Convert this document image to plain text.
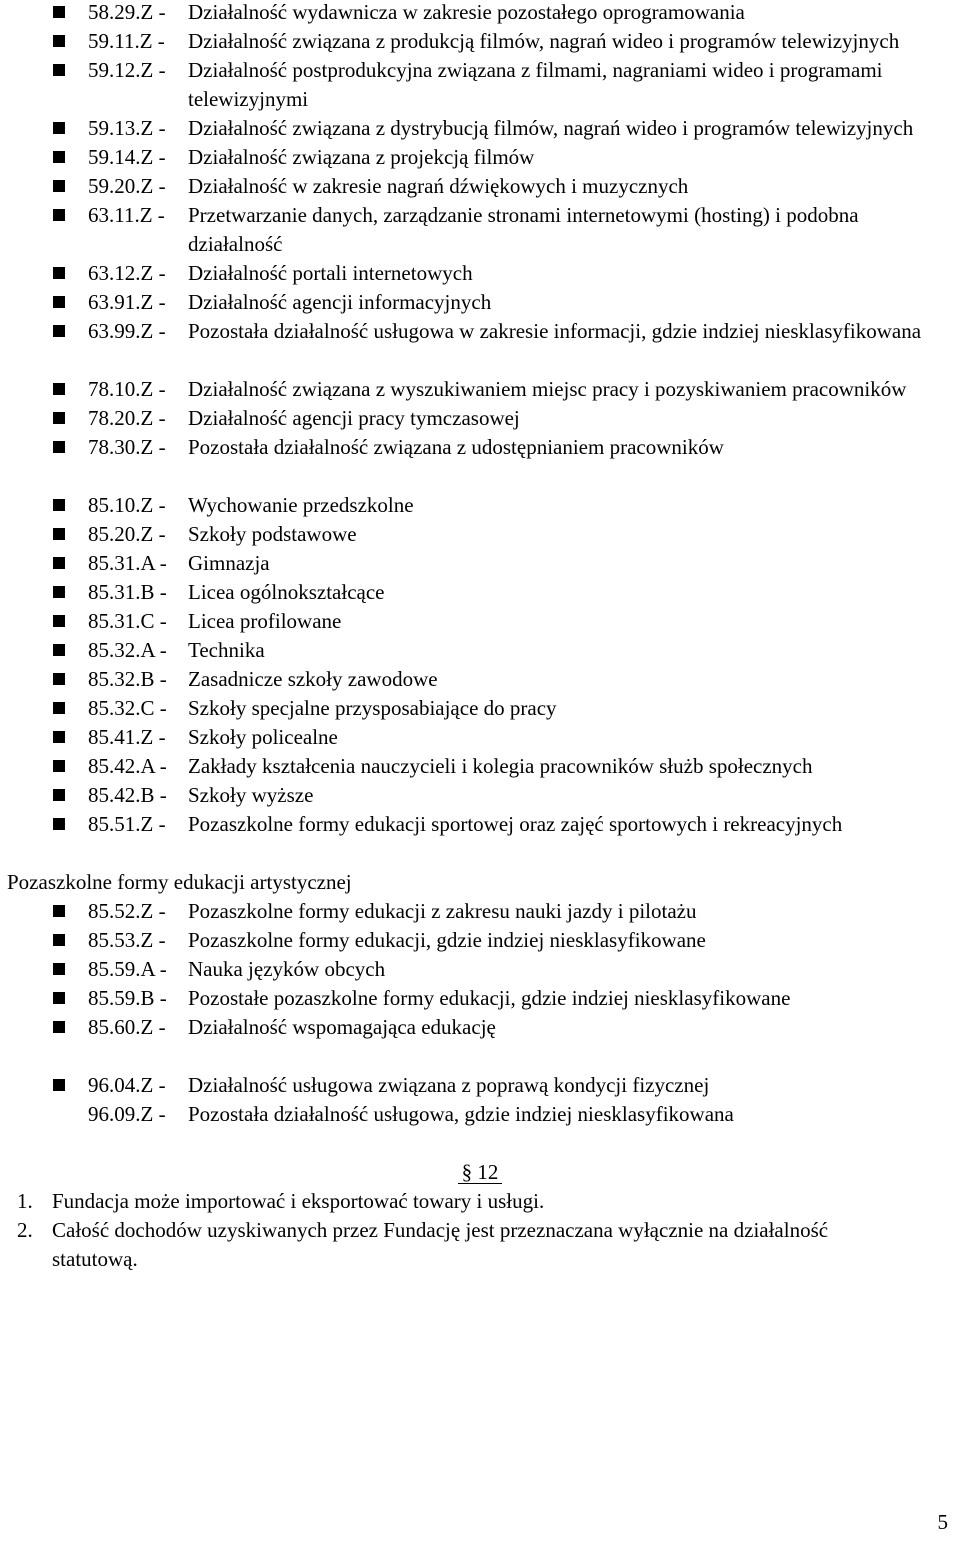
58.29.Z - Działalność wydawnicza w zakresie pozostałego oprogramowania
59.11.Z - Działalność związana z produkcją filmów, nagrań wideo i programów telewizyjnych
59.12.Z - Działalność postprodukcyjna związana z filmami, nagraniami wideo i programami telewizyjnymi
59.13.Z - Działalność związana z dystrybucją filmów, nagrań wideo i programów telewizyjnych
59.14.Z - Działalność związana z projekcją filmów
59.20.Z - Działalność w zakresie nagrań dźwiękowych i muzycznych
63.11.Z - Przetwarzanie danych, zarządzanie stronami internetowymi (hosting) i podobna działalność
63.12.Z - Działalność portali internetowych
63.91.Z - Działalność agencji informacyjnych
63.99.Z - Pozostała działalność usługowa w zakresie informacji, gdzie indziej niesklasyfikowana
78.10.Z - Działalność związana z wyszukiwaniem miejsc pracy i pozyskiwaniem pracowników
78.20.Z - Działalność agencji pracy tymczasowej
78.30.Z - Pozostała działalność związana z udostępnianiem pracowników
85.10.Z - Wychowanie przedszkolne
85.20.Z - Szkoły podstawowe
85.31.A - Gimnazja
85.31.B - Licea ogólnokształcące
85.31.C - Licea profilowane
85.32.A - Technika
85.32.B - Zasadnicze szkoły zawodowe
85.32.C - Szkoły specjalne przysposabiające do pracy
85.41.Z - Szkoły policealne
85.42.A - Zakłady kształcenia nauczycieli i kolegia pracowników służb społecznych
85.42.B - Szkoły wyższe
85.51.Z - Pozaszkolne formy edukacji sportowej oraz zajęć sportowych i rekreacyjnych
Pozaszkolne formy edukacji artystycznej
85.52.Z - Pozaszkolne formy edukacji z zakresu nauki jazdy i pilotażu
85.53.Z - Pozaszkolne formy edukacji, gdzie indziej niesklasyfikowane
85.59.A - Nauka języków obcych
85.59.B - Pozostałe pozaszkolne formy edukacji, gdzie indziej niesklasyfikowane
85.60.Z - Działalność wspomagająca edukację
96.04.Z - Działalność usługowa związana z poprawą kondycji fizycznej
96.09.Z - Pozostała działalność usługowa, gdzie indziej niesklasyfikowana
§ 12
1. Fundacja może importować i eksportować towary i usługi.
2. Całość dochodów uzyskiwanych przez Fundację jest przeznaczana wyłącznie na działalność statutową.
5
